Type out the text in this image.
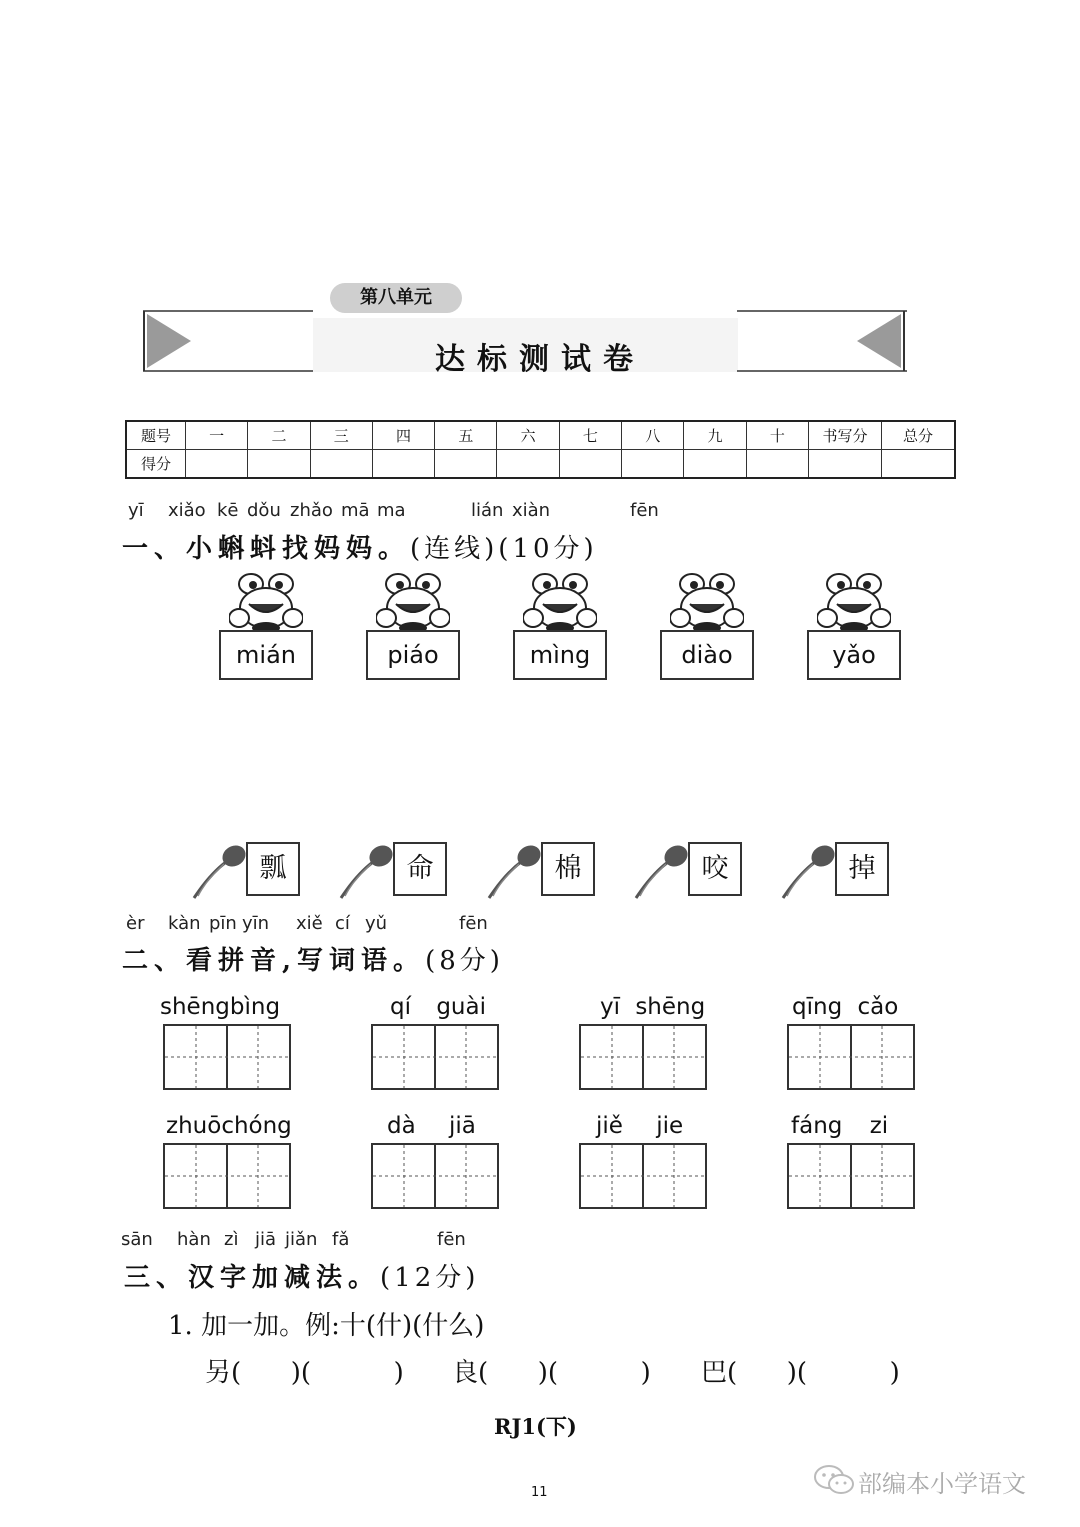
第八单元
达标测试卷
题号	一	二	三	四	五	六	七	八	九	十	书写分	总分
得分												
yī xiǎo kē dǒu zhǎo mā ma	lián xiàn	fēn
一、小蝌蚪找妈妈。(连线)(10分)
mián	piáo	mìng	diào	yǎo
瓢	命	棉	咬	掉
èr kàn pīn yīn xiě cí yǔ	fēn
二、看拼音,写词语。(8分)
shēngbìng	qí guài	yī shēng	qīng cǎo
zhuōchóng	dà jiā	jiě jie	fáng zi
sān hàn zì jiā jiǎn fǎ	fēn
三、汉字加减法。(12分)
1. 加一加。例:十(什)(什么)
另(      )(          ) 良(      )(          ) 巴(      )(          )
RJ1(下)
11	部编本小学语文
